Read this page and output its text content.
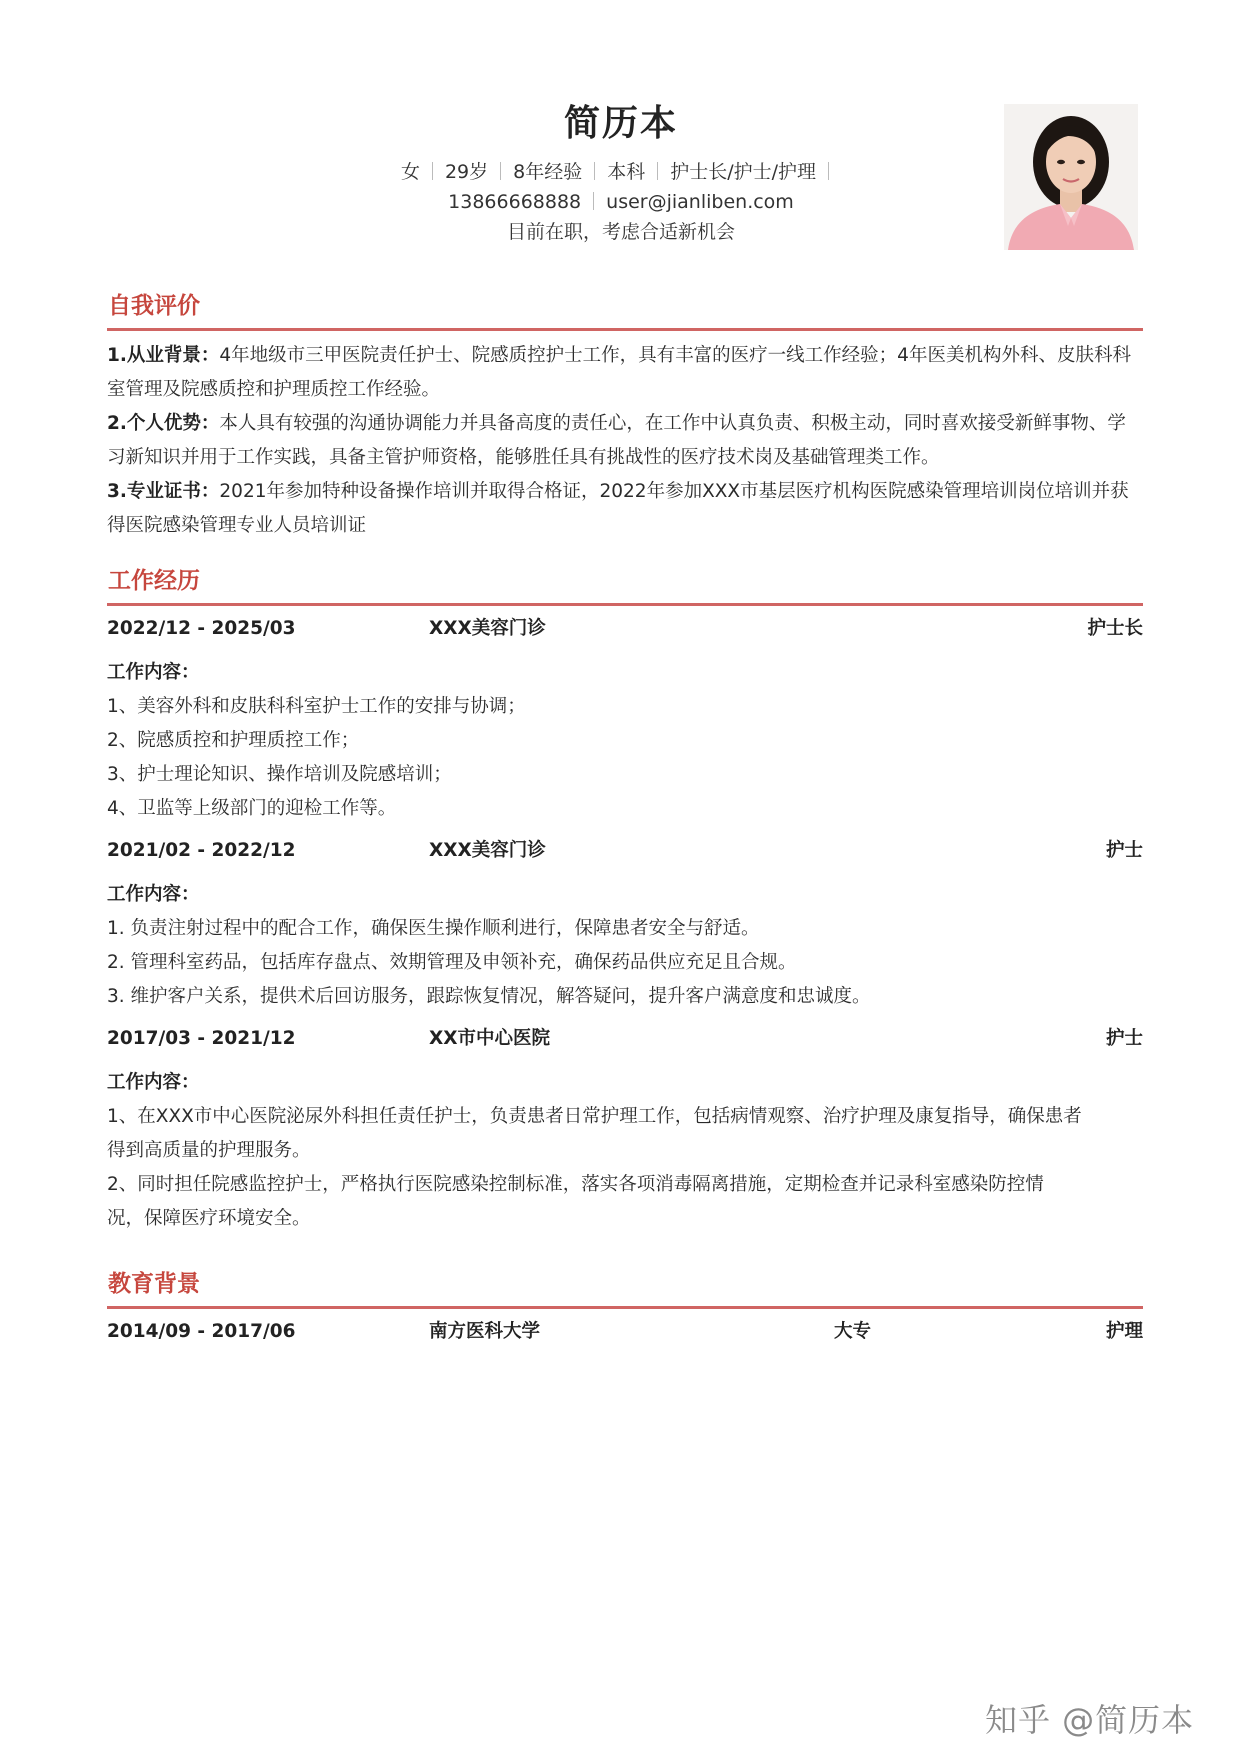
简历本
女 29岁 8年经验 本科 护士长/护士/护理
13866668888 user@jianliben.com
目前在职，考虑合适新机会
自我评价
1.从业背景：4年地级市三甲医院责任护士、院感质控护士工作，具有丰富的医疗一线工作经验；4年医美机构外科、皮肤科科室管理及院感质控和护理质控工作经验。
2.个人优势：本人具有较强的沟通协调能力并具备高度的责任心，在工作中认真负责、积极主动，同时喜欢接受新鲜事物、学习新知识并用于工作实践，具备主管护师资格，能够胜任具有挑战性的医疗技术岗及基础管理类工作。
3.专业证书：2021年参加特种设备操作培训并取得合格证，2022年参加XXX市基层医疗机构医院感染管理培训岗位培训并获得医院感染管理专业人员培训证
工作经历
2022/12 - 2025/03	XXX美容门诊	护士长
工作内容：
1、美容外科和皮肤科科室护士工作的安排与协调；
2、院感质控和护理质控工作；
3、护士理论知识、操作培训及院感培训；
4、卫监等上级部门的迎检工作等。
2021/02 - 2022/12	XXX美容门诊	护士
工作内容：
1. 负责注射过程中的配合工作，确保医生操作顺利进行，保障患者安全与舒适。
2. 管理科室药品，包括库存盘点、效期管理及申领补充，确保药品供应充足且合规。
3. 维护客户关系，提供术后回访服务，跟踪恢复情况，解答疑问，提升客户满意度和忠诚度。
2017/03 - 2021/12	XX市中心医院	护士
工作内容：
1、在XXX市中心医院泌尿外科担任责任护士，负责患者日常护理工作，包括病情观察、治疗护理及康复指导，确保患者
得到高质量的护理服务。
2、同时担任院感监控护士，严格执行医院感染控制标准，落实各项消毒隔离措施，定期检查并记录科室感染防控情
况，保障医疗环境安全。
教育背景
2014/09 - 2017/06	南方医科大学	大专	护理
知乎 @简历本
